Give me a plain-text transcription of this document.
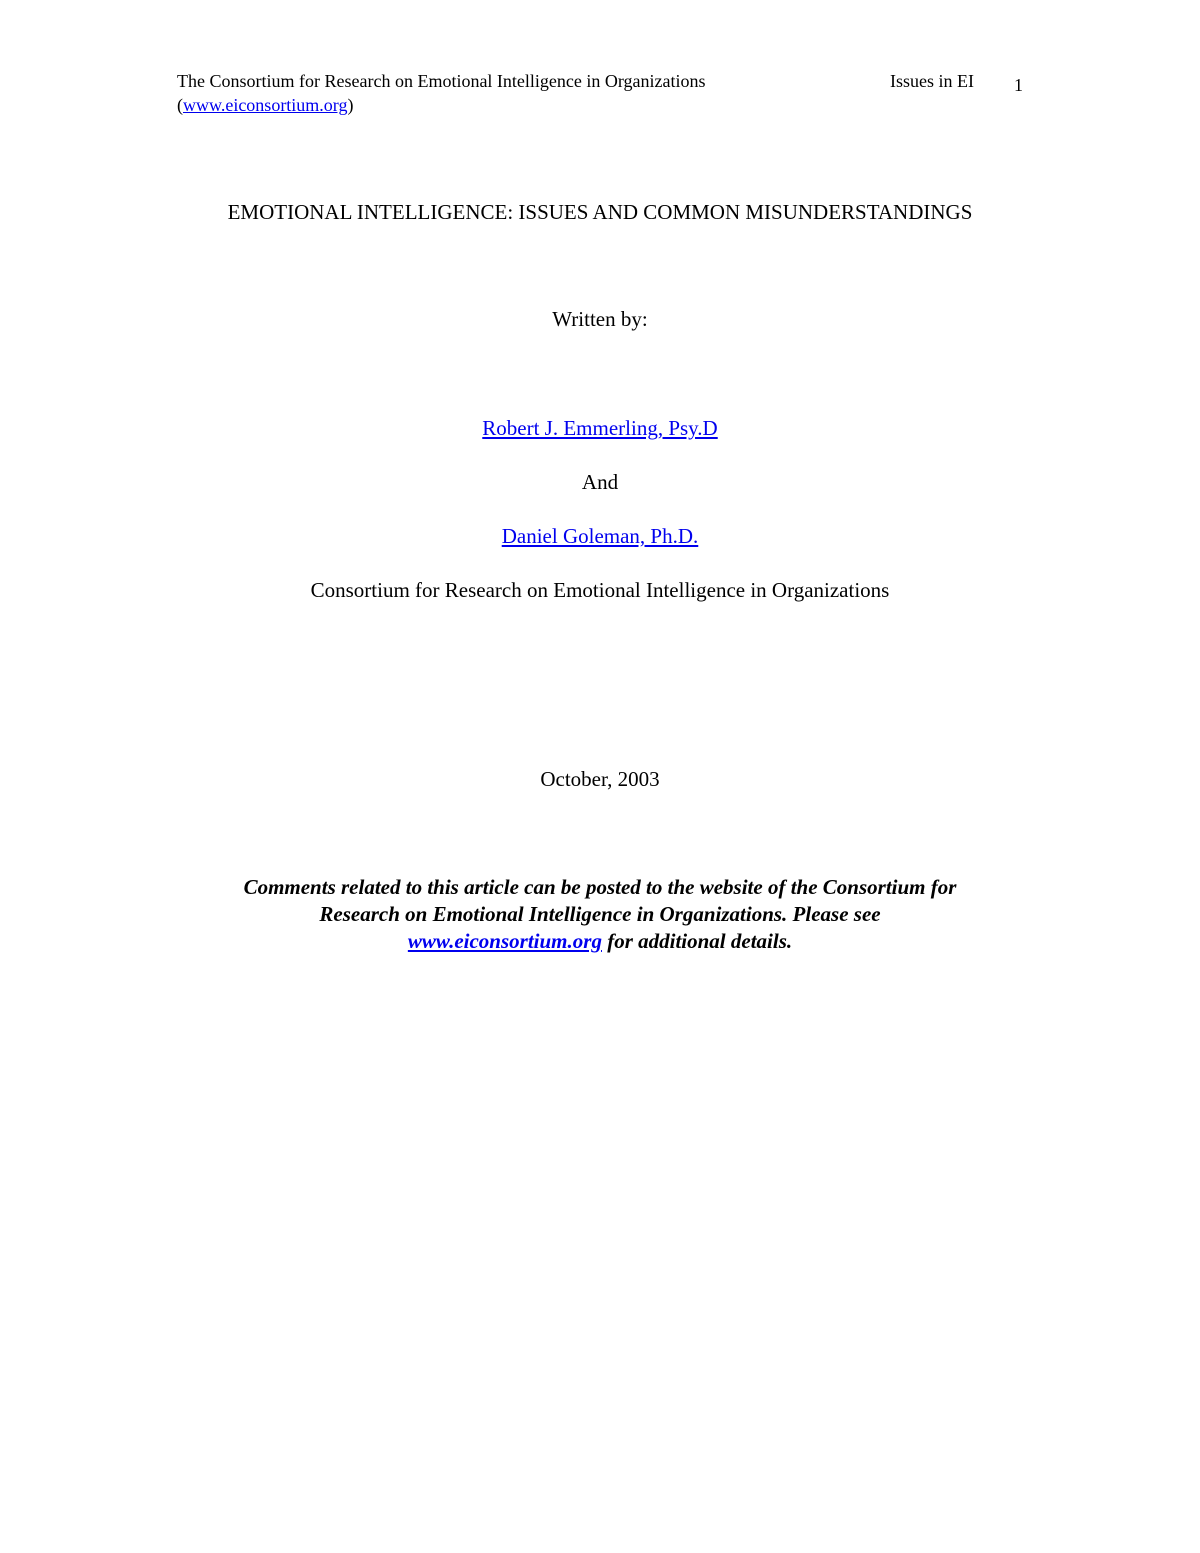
The Consortium for Research on Emotional Intelligence in Organizations
(www.eiconsortium.org)
Issues in EI 1
EMOTIONAL INTELLIGENCE: ISSUES AND COMMON MISUNDERSTANDINGS
Written by:
Robert J. Emmerling, Psy.D
And
Daniel Goleman, Ph.D.
Consortium for Research on Emotional Intelligence in Organizations
October, 2003
Comments related to this article can be posted to the website of the Consortium for
Research on Emotional Intelligence in Organizations. Please see
www.eiconsortium.org for additional details.
